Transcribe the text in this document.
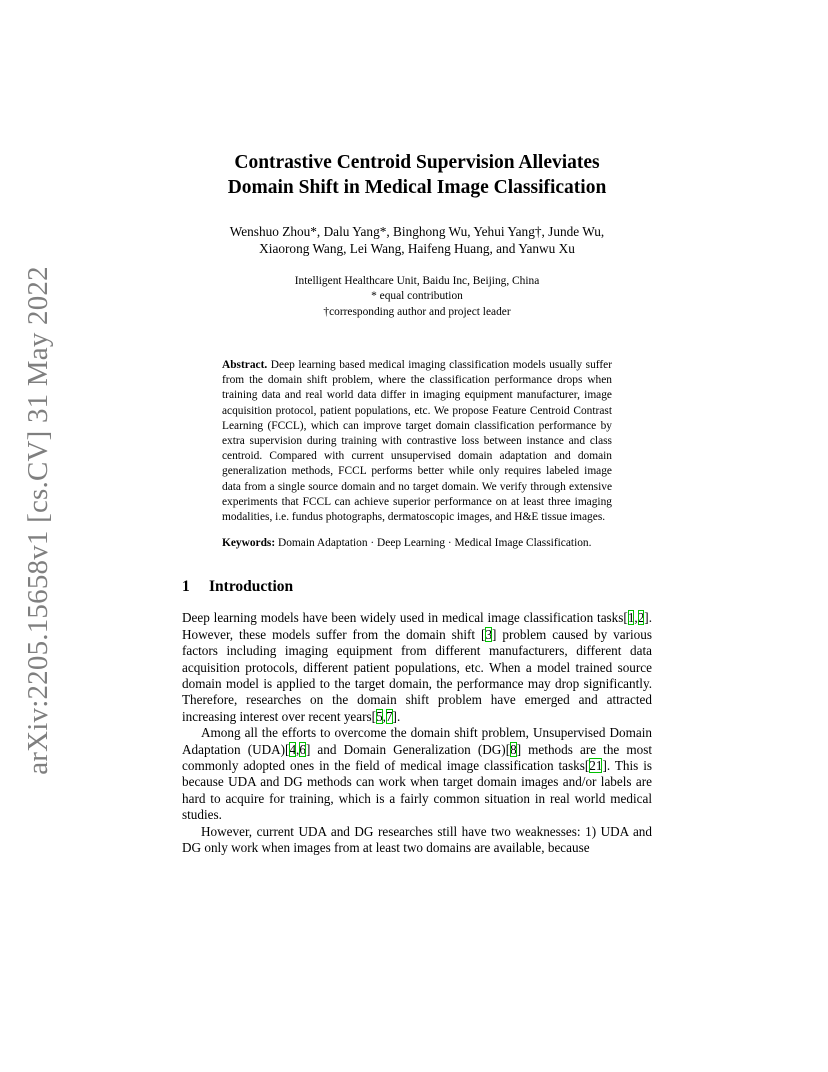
arXiv:2205.15658v1 [cs.CV] 31 May 2022
Contrastive Centroid Supervision Alleviates
Domain Shift in Medical Image Classification
Wenshuo Zhou*, Dalu Yang*, Binghong Wu, Yehui Yang†, Junde Wu,
Xiaorong Wang, Lei Wang, Haifeng Huang, and Yanwu Xu
Intelligent Healthcare Unit, Baidu Inc, Beijing, China
* equal contribution
†corresponding author and project leader
Abstract. Deep learning based medical imaging classification models usually suffer from the domain shift problem, where the classification performance drops when training data and real world data differ in imaging equipment manufacturer, image acquisition protocol, patient populations, etc. We propose Feature Centroid Contrast Learning (FCCL), which can improve target domain classification performance by extra supervision during training with contrastive loss between instance and class centroid. Compared with current unsupervised domain adaptation and domain generalization methods, FCCL performs better while only requires labeled image data from a single source domain and no target domain. We verify through extensive experiments that FCCL can achieve superior performance on at least three imaging modalities, i.e. fundus photographs, dermatoscopic images, and H&E tissue images.
Keywords: Domain Adaptation · Deep Learning · Medical Image Classification.
1 Introduction

Deep learning models have been widely used in medical image classification tasks[1,2]. However, these models suffer from the domain shift [3] problem caused by various factors including imaging equipment from different manufacturers, different data acquisition protocols, different patient populations, etc. When a model trained source domain model is applied to the target domain, the performance may drop significantly. Therefore, researches on the domain shift problem have emerged and attracted increasing interest over recent years[5,7].

Among all the efforts to overcome the domain shift problem, Unsupervised Domain Adaptation (UDA)[4,6] and Domain Generalization (DG)[8] methods are the most commonly adopted ones in the field of medical image classification tasks[21]. This is because UDA and DG methods can work when target domain images and/or labels are hard to acquire for training, which is a fairly common situation in real world medical studies.

However, current UDA and DG researches still have two weaknesses: 1) UDA and DG only work when images from at least two domains are available, because
